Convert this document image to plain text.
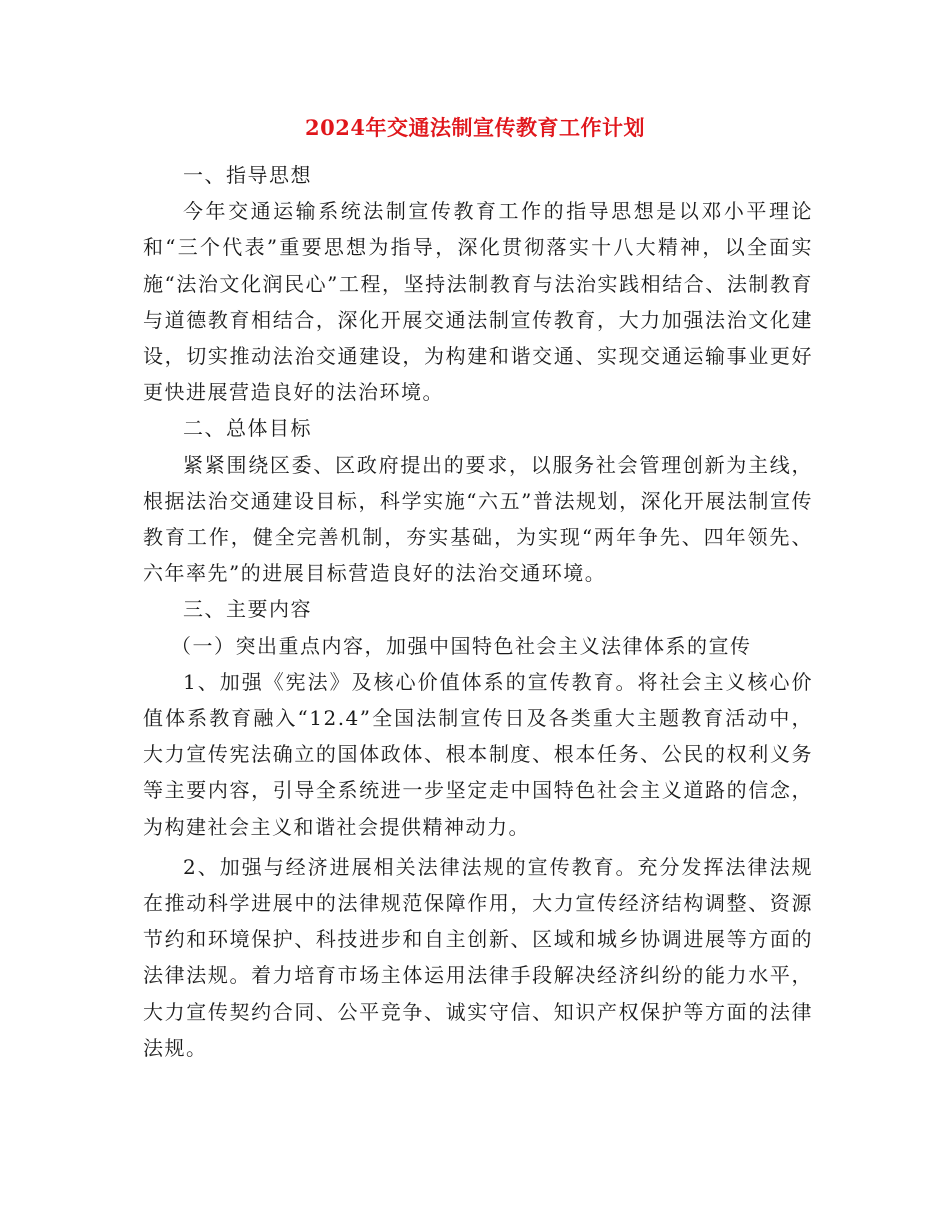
2024年交通法制宣传教育工作计划

一、指导思想

今年交通运输系统法制宣传教育工作的指导思想是以邓小平理论和“三个代表”重要思想为指导，深化贯彻落实十八大精神，以全面实施“法治文化润民心”工程，坚持法制教育与法治实践相结合、法制教育与道德教育相结合，深化开展交通法制宣传教育，大力加强法治文化建设，切实推动法治交通建设，为构建和谐交通、实现交通运输事业更好更快进展营造良好的法治环境。

二、总体目标

紧紧围绕区委、区政府提出的要求，以服务社会管理创新为主线，根据法治交通建设目标，科学实施“六五”普法规划，深化开展法制宣传教育工作，健全完善机制，夯实基础，为实现“两年争先、四年领先、六年率先”的进展目标营造良好的法治交通环境。

三、主要内容

（一）突出重点内容，加强中国特色社会主义法律体系的宣传

1、加强《宪法》及核心价值体系的宣传教育。将社会主义核心价值体系教育融入“12.4”全国法制宣传日及各类重大主题教育活动中，大力宣传宪法确立的国体政体、根本制度、根本任务、公民的权利义务等主要内容，引导全系统进一步坚定走中国特色社会主义道路的信念，为构建社会主义和谐社会提供精神动力。

2、加强与经济进展相关法律法规的宣传教育。充分发挥法律法规在推动科学进展中的法律规范保障作用，大力宣传经济结构调整、资源节约和环境保护、科技进步和自主创新、区域和城乡协调进展等方面的法律法规。着力培育市场主体运用法律手段解决经济纠纷的能力水平，大力宣传契约合同、公平竞争、诚实守信、知识产权保护等方面的法律法规。
